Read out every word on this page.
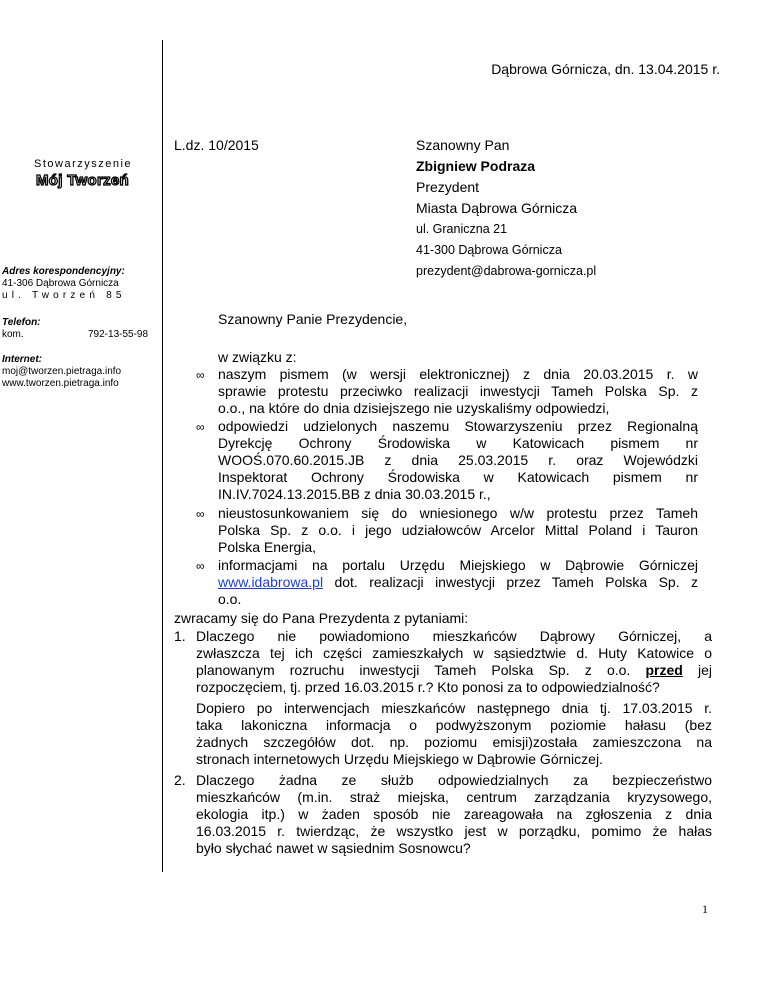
Dąbrowa Górnicza, dn. 13.04.2015 r.
L.dz. 10/2015	Szanowny Pan
Zbigniew Podraza
Prezydent
Miasta Dąbrowa Górnicza
ul. Graniczna 21
41-300 Dąbrowa Górnicza
prezydent@dabrowa-gornicza.pl
Stowarzyszenie
Mój Tworzeń
Adres korespondencyjny:
41-306 Dąbrowa Górnicza
ul. Tworzeń 85
Telefon:
kom.	792-13-55-98
Internet:
moj@tworzen.pietraga.info
www.tworzen.pietraga.info
Szanowny Panie Prezydencie,
w związku z:
∞ naszym pismem (w wersji elektronicznej) z dnia 20.03.2015 r. w
sprawie protestu przeciwko realizacji inwestycji Tameh Polska Sp. z
o.o., na które do dnia dzisiejszego nie uzyskaliśmy odpowiedzi,
∞ odpowiedzi udzielonych naszemu Stowarzyszeniu przez Regionalną
Dyrekcję Ochrony Środowiska w Katowicach pismem nr
WOOŚ.070.60.2015.JB z dnia 25.03.2015 r. oraz Wojewódzki
Inspektorat Ochrony Środowiska w Katowicach pismem nr
IN.IV.7024.13.2015.BB z dnia 30.03.2015 r.,
∞ nieustosunkowaniem się do wniesionego w/w protestu przez Tameh
Polska Sp. z o.o. i jego udziałowców Arcelor Mittal Poland i Tauron
Polska Energia,
∞ informacjami na portalu Urzędu Miejskiego w Dąbrowie Górniczej
www.idabrowa.pl dot. realizacji inwestycji przez Tameh Polska Sp. z
o.o.
zwracamy się do Pana Prezydenta z pytaniami:
1. Dlaczego nie powiadomiono mieszkańców Dąbrowy Górniczej, a
zwłaszcza tej ich części zamieszkałych w sąsiedztwie d. Huty Katowice o
planowanym rozruchu inwestycji Tameh Polska Sp. z o.o. przed jej
rozpoczęciem, tj. przed 16.03.2015 r.? Kto ponosi za to odpowiedzialność?
Dopiero po interwencjach mieszkańców następnego dnia tj. 17.03.2015 r.
taka lakoniczna informacja o podwyższonym poziomie hałasu (bez
żadnych szczegółów dot. np. poziomu emisji)została zamieszczona na
stronach internetowych Urzędu Miejskiego w Dąbrowie Górniczej.
2. Dlaczego żadna ze służb odpowiedzialnych za bezpieczeństwo
mieszkańców (m.in. straż miejska, centrum zarządzania kryzysowego,
ekologia itp.) w żaden sposób nie zareagowała na zgłoszenia z dnia
16.03.2015 r. twierdząc, że wszystko jest w porządku, pomimo że hałas
było słychać nawet w sąsiednim Sosnowcu?
1
